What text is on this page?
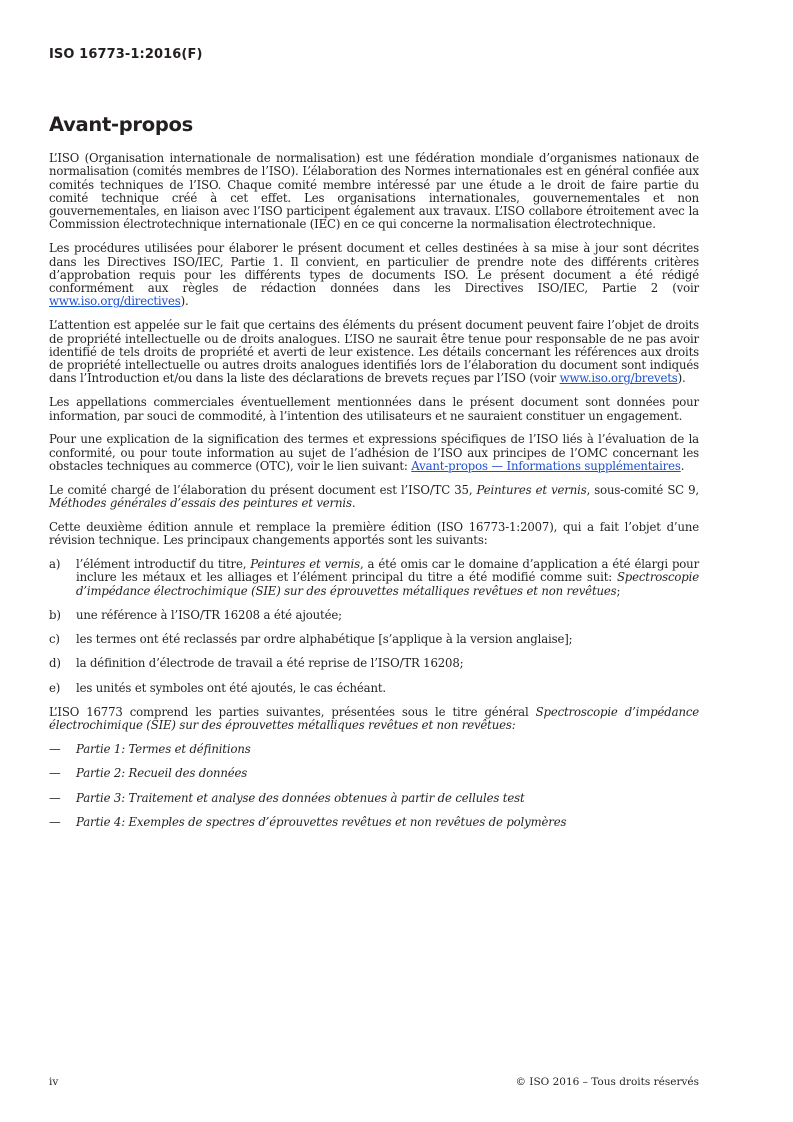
ISO 16773-1:2016(F)
Avant-propos

L’ISO (Organisation internationale de normalisation) est une fédération mondiale d’organismes nationaux de normalisation (comités membres de l’ISO). L’élaboration des Normes internationales est en général confiée aux comités techniques de l’ISO. Chaque comité membre intéressé par une étude a le droit de faire partie du comité technique créé à cet effet. Les organisations internationales, gouvernementales et non gouvernementales, en liaison avec l’ISO participent également aux travaux. L’ISO collabore étroitement avec la Commission électrotechnique internationale (IEC) en ce qui concerne la normalisation électrotechnique.

Les procédures utilisées pour élaborer le présent document et celles destinées à sa mise à jour sont décrites dans les Directives ISO/IEC, Partie 1. Il convient, en particulier de prendre note des différents critères d’approbation requis pour les différents types de documents ISO. Le présent document a été rédigé conformément aux règles de rédaction données dans les Directives ISO/IEC, Partie 2 (voir www.iso.org/directives).

L’attention est appelée sur le fait que certains des éléments du présent document peuvent faire l’objet de droits de propriété intellectuelle ou de droits analogues. L’ISO ne saurait être tenue pour responsable de ne pas avoir identifié de tels droits de propriété et averti de leur existence. Les détails concernant les références aux droits de propriété intellectuelle ou autres droits analogues identifiés lors de l’élaboration du document sont indiqués dans l’Introduction et/ou dans la liste des déclarations de brevets reçues par l’ISO (voir www.iso.org/brevets).

Les appellations commerciales éventuellement mentionnées dans le présent document sont données pour information, par souci de commodité, à l’intention des utilisateurs et ne sauraient constituer un engagement.

Pour une explication de la signification des termes et expressions spécifiques de l’ISO liés à l’évaluation de la conformité, ou pour toute information au sujet de l’adhésion de l’ISO aux principes de l’OMC concernant les obstacles techniques au commerce (OTC), voir le lien suivant: Avant-propos — Informations supplémentaires.

Le comité chargé de l’élaboration du présent document est l’ISO/TC 35, Peintures et vernis, sous-comité SC 9, Méthodes générales d’essais des peintures et vernis.

Cette deuxième édition annule et remplace la première édition (ISO 16773-1:2007), qui a fait l’objet d’une révision technique. Les principaux changements apportés sont les suivants:

a) l’élément introductif du titre, Peintures et vernis, a été omis car le domaine d’application a été élargi pour inclure les métaux et les alliages et l’élément principal du titre a été modifié comme suit: Spectroscopie d’impédance électrochimique (SIE) sur des éprouvettes métalliques revêtues et non revêtues;
b) une référence à l’ISO/TR 16208 a été ajoutée;
c) les termes ont été reclassés par ordre alphabétique [s’applique à la version anglaise];
d) la définition d’électrode de travail a été reprise de l’ISO/TR 16208;
e) les unités et symboles ont été ajoutés, le cas échéant.

L’ISO 16773 comprend les parties suivantes, présentées sous le titre général Spectroscopie d’impédance électrochimique (SIE) sur des éprouvettes métalliques revêtues et non revêtues:

— Partie 1: Termes et définitions
— Partie 2: Recueil des données
— Partie 3: Traitement et analyse des données obtenues à partir de cellules test
— Partie 4: Exemples de spectres d’éprouvettes revêtues et non revêtues de polymères
iv	© ISO 2016 – Tous droits réservés
